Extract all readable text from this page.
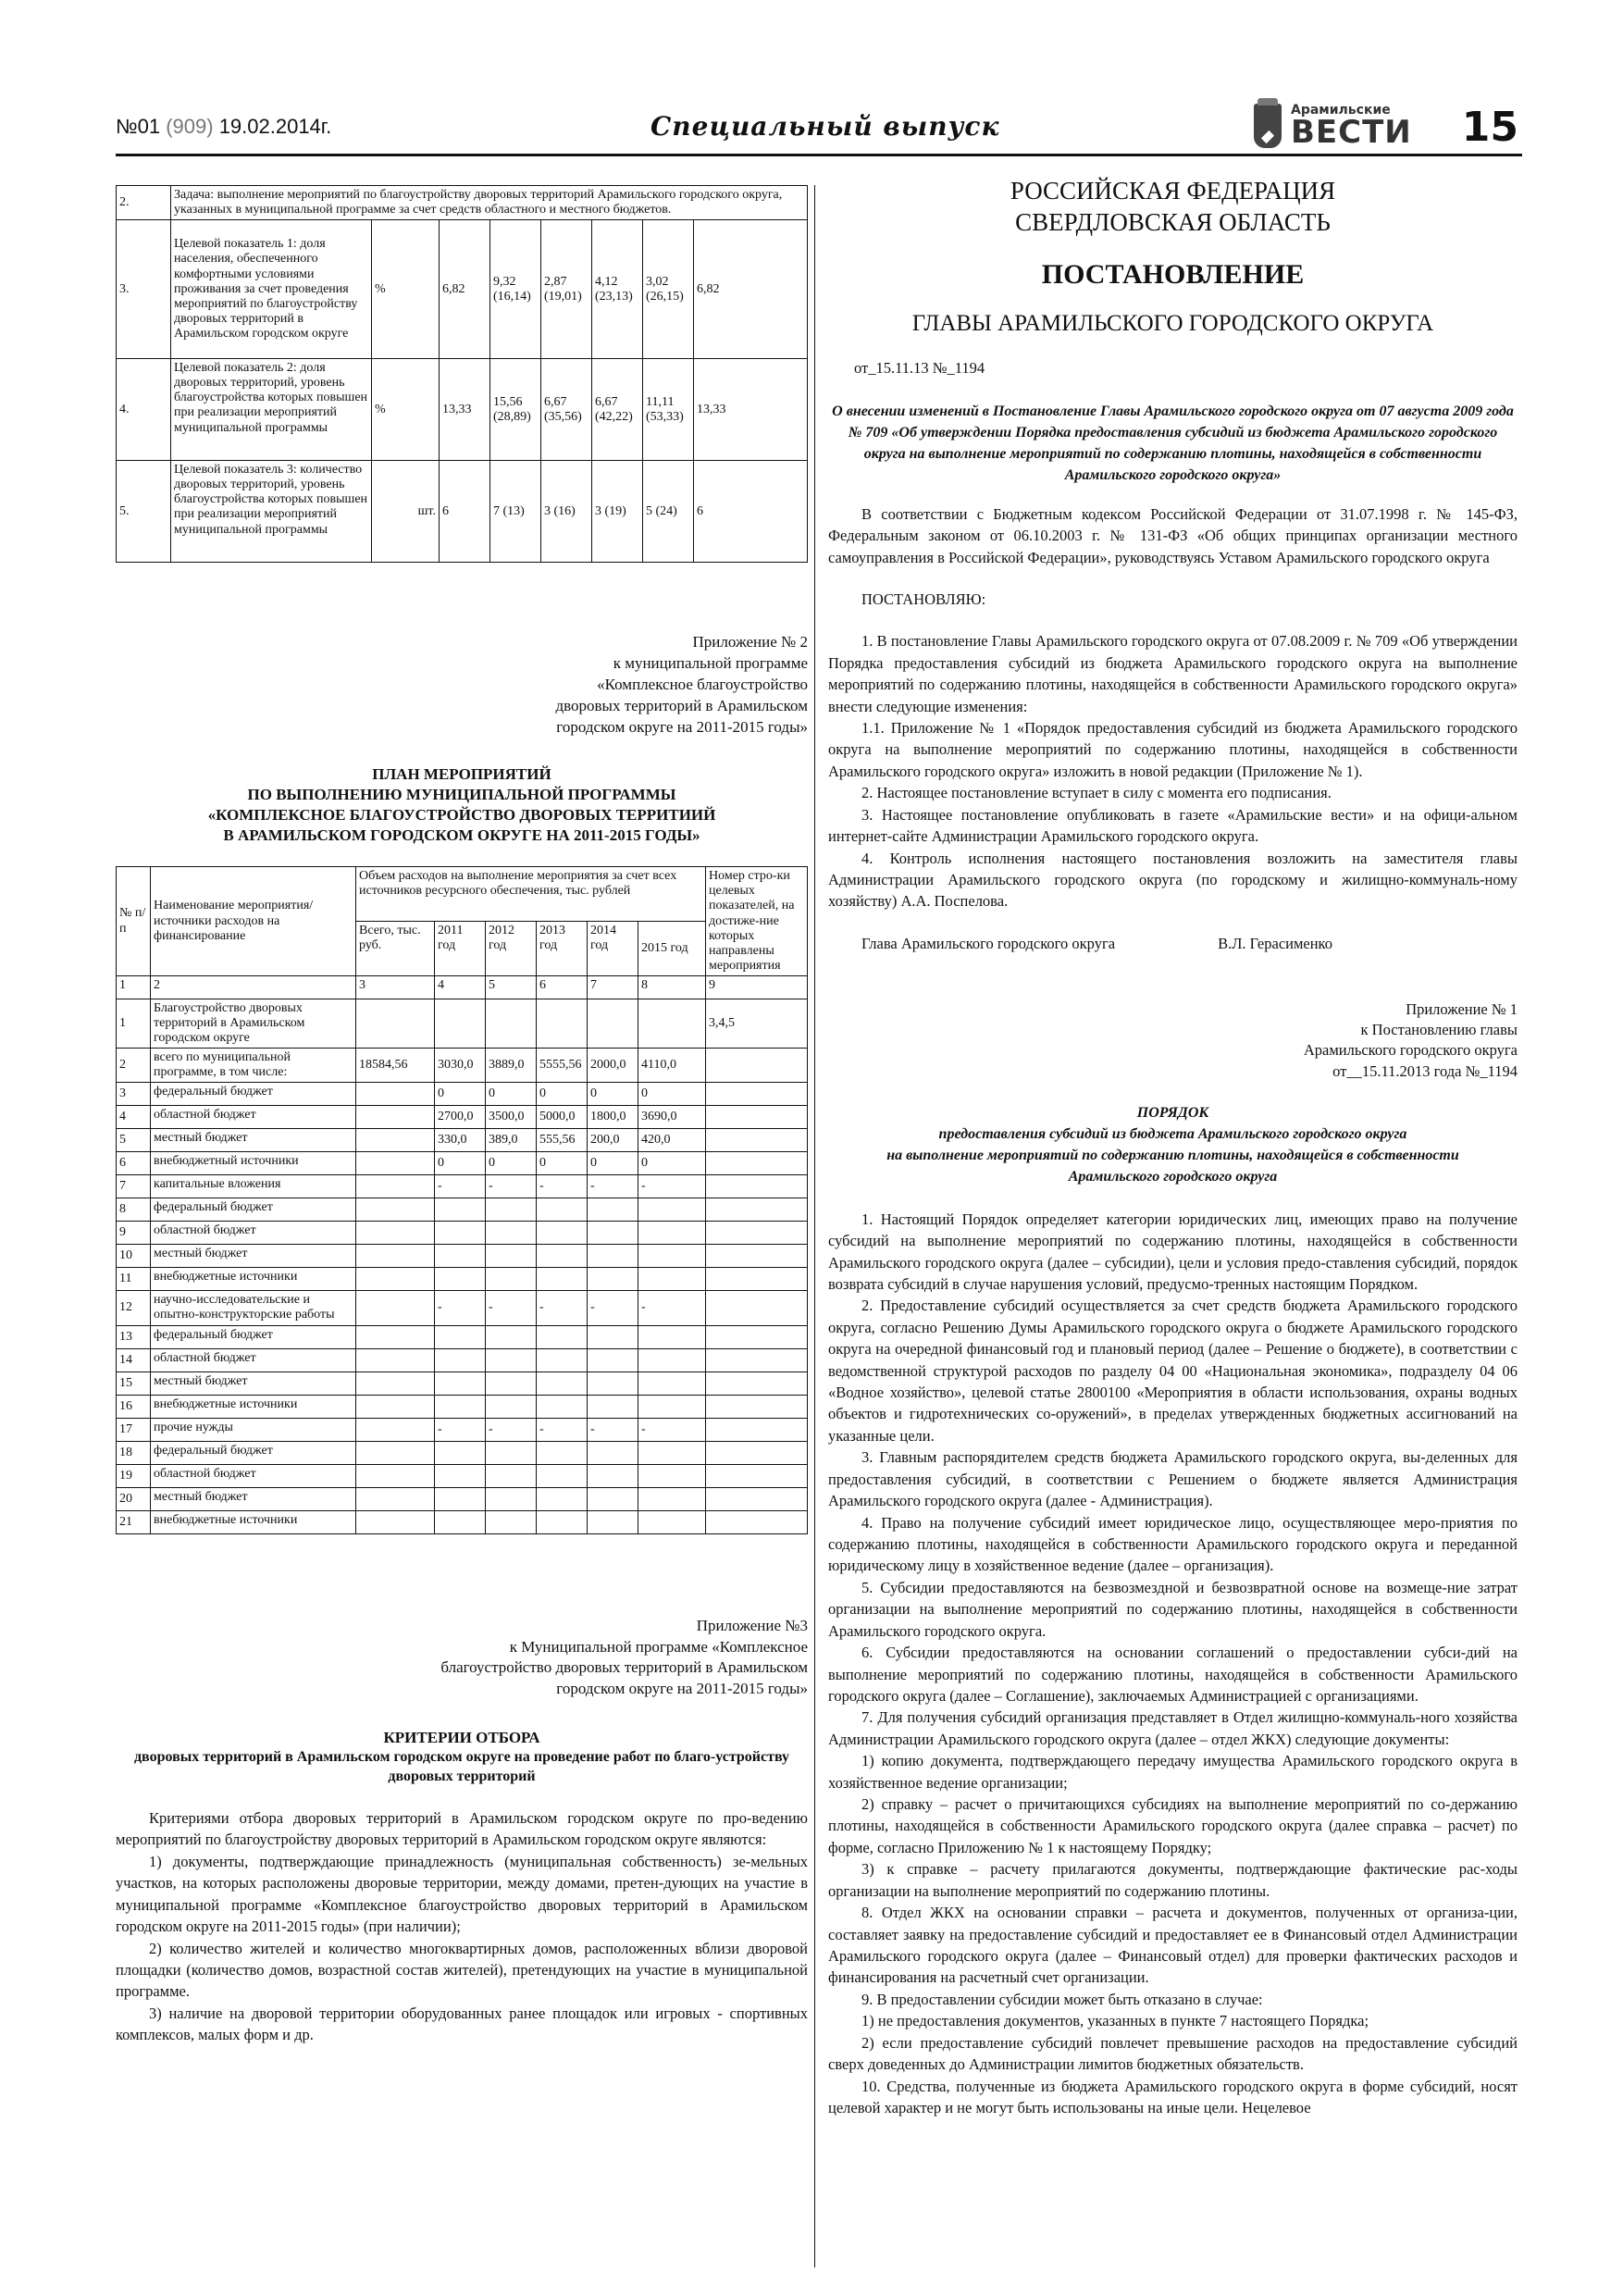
№01 (909) 19.02.2014г.	Специальный выпуск
Арамильские
ВЕСТИ 15
2.	Задача: выполнение мероприятий по благоустройству дворовых территорий Арамильского городского округа, указанных в муниципальной программе за счет средств областного и местного бюджетов.							
3.	Целевой показатель 1: доля населения, обеспеченного комфортными условиями проживания за счет проведения мероприятий по благоустройству дворовых территорий в Арамильском городском округе	%	6,82	9,32 (16,14)	2,87 (19,01)	4,12 (23,13)	3,02 (26,15)	6,82
4.	Целевой показатель 2: доля дворовых территорий, уровень благоустройства которых повышен при реализации мероприятий муниципальной программы	%	13,33	15,56 (28,89)	6,67 (35,56)	6,67 (42,22)	11,11 (53,33)	13,33
5.	Целевой показатель 3: количество дворовых территорий, уровень благоустройства которых повышен при реализации мероприятий муниципальной программы	шт.	6	7 (13)	3 (16)	3 (19)	5 (24)	6
Приложение № 2
к муниципальной программе
«Комплексное благоустройство
дворовых территорий в Арамильском
городском округе на 2011-2015 годы»
ПЛАН МЕРОПРИЯТИЙ
ПО ВЫПОЛНЕНИЮ МУНИЦИПАЛЬНОЙ ПРОГРАММЫ
«КОМПЛЕКСНОЕ БЛАГОУСТРОЙСТВО ДВОРОВЫХ ТЕРРИТИИЙ
В АРАМИЛЬСКОМ ГОРОДСКОМ ОКРУГЕ НА 2011-2015 ГОДЫ»
№ п/п	Наименование мероприятия/ источники расходов на финансирование	Объем расходов на выполнение мероприятия за счет всех источников ресурсного обеспечения, тыс. рублей						Номер стро-ки целевых показателей, на достиже-ние которых направлены мероприятия
		Всего, тыс. руб.	2011 год	2012 год	2013 год	2014 год	2015 год	
1	2	3	4	5	6	7	8	9
1	Благоустройство дворовых территорий в Арамильском городском округе							3,4,5
2	всего по муниципальной программе, в том числе:	18584,56	3030,0	3889,0	5555,56	2000,0	4110,0	
3	федеральный бюджет		0	0	0	0	0	
4	областной бюджет		2700,0	3500,0	5000,0	1800,0	3690,0	
5	местный бюджет		330,0	389,0	555,56	200,0	420,0	
6	внебюджетный источники		0	0	0	0	0	
7	капитальные вложения		-	-	-	-	-	
8	федеральный бюджет							
9	областной бюджет							
10	местный бюджет							
11	внебюджетные источники							
12	научно-исследовательские и опытно-конструкторские работы		-	-	-	-	-	
13	федеральный бюджет							
14	областной бюджет							
15	местный бюджет							
16	внебюджетные источники							
17	прочие нужды		-	-	-	-	-	
18	федеральный бюджет							
19	областной бюджет							
20	местный бюджет							
21	внебюджетные источники							
Приложение №3
к Муниципальной программе «Комплексное
благоустройство дворовых территорий в Арамильском
городском округе на 2011-2015 годы»
КРИТЕРИИ ОТБОРА
дворовых территорий в Арамильском городском округе на проведение работ по благо-устройству дворовых территорий
Критериями отбора дворовых территорий в Арамильском городском округе по про-ведению мероприятий по благоустройству дворовых территорий в Арамильском городском округе являются:
1) документы, подтверждающие принадлежность (муниципальная собственность) зе-мельных участков, на которых расположены дворовые территории, между домами, претен-дующих на участие в муниципальной программе «Комплексное благоустройство дворовых территорий в Арамильском городском округе на 2011-2015 годы» (при наличии);
2) количество жителей и количество многоквартирных домов, расположенных вблизи дворовой площадки (количество домов, возрастной состав жителей), претендующих на участие в муниципальной программе.
3) наличие на дворовой территории оборудованных ранее площадок или игровых - спортивных комплексов, малых форм и др.
РОССИЙСКАЯ ФЕДЕРАЦИЯ
СВЕРДЛОВСКАЯ ОБЛАСТЬ
ПОСТАНОВЛЕНИЕ
ГЛАВЫ АРАМИЛЬСКОГО ГОРОДСКОГО ОКРУГА
от_15.11.13 №_1194
О внесении изменений в Постановление Главы Арамильского городского округа от 07 августа 2009 года № 709 «Об утверждении Порядка предоставления субсидий из бюджета Арамильского городского округа на выполнение мероприятий по содержанию плотины, находящейся в собственности Арамильского городского округа»
В соответствии с Бюджетным кодексом Российской Федерации от 31.07.1998 г. № 145-ФЗ, Федеральным законом от 06.10.2003 г. № 131-ФЗ «Об общих принципах организации местного самоуправления в Российской Федерации», руководствуясь Уставом Арамильского городского округа
ПОСТАНОВЛЯЮ:
1. В постановление Главы Арамильского городского округа от 07.08.2009 г. № 709 «Об утверждении Порядка предоставления субсидий из бюджета Арамильского городского округа на выполнение мероприятий по содержанию плотины, находящейся в собственности Арамильского городского округа» внести следующие изменения:
1.1. Приложение № 1 «Порядок предоставления субсидий из бюджета Арамильского городского округа на выполнение мероприятий по содержанию плотины, находящейся в собственности Арамильского городского округа» изложить в новой редакции (Приложение № 1).
2. Настоящее постановление вступает в силу с момента его подписания.
3. Настоящее постановление опубликовать в газете «Арамильские вести» и на офици-альном интернет-сайте Администрации Арамильского городского округа.
4. Контроль исполнения настоящего постановления возложить на заместителя главы Администрации Арамильского городского округа (по городскому и жилищно-коммуналь-ному хозяйству) А.А. Поспелова.
Глава Арамильского городского округа	В.Л. Герасименко
Приложение № 1
к Постановлению главы
Арамильского городского округа
от__15.11.2013 года №_1194
ПОРЯДОК
предоставления субсидий из бюджета Арамильского городского округа
на выполнение мероприятий по содержанию плотины, находящейся в собственности
Арамильского городского округа
1. Настоящий Порядок определяет категории юридических лиц, имеющих право на получение субсидий на выполнение мероприятий по содержанию плотины, находящейся в собственности Арамильского городского округа (далее – субсидии), цели и условия предо-ставления субсидий, порядок возврата субсидий в случае нарушения условий, предусмо-тренных настоящим Порядком.
2. Предоставление субсидий осуществляется за счет средств бюджета Арамильского городского округа, согласно Решению Думы Арамильского городского округа о бюджете Арамильского городского округа на очередной финансовый год и плановый период (далее – Решение о бюджете), в соответствии с ведомственной структурой расходов по разделу 04 00 «Национальная экономика», подразделу 04 06 «Водное хозяйство», целевой статье 2800100 «Мероприятия в области использования, охраны водных объектов и гидротехнических со-оружений», в пределах утвержденных бюджетных ассигнований на указанные цели.
3. Главным распорядителем средств бюджета Арамильского городского округа, вы-деленных для предоставления субсидий, в соответствии с Решением о бюджете является Администрация Арамильского городского округа (далее - Администрация).
4. Право на получение субсидий имеет юридическое лицо, осуществляющее меро-приятия по содержанию плотины, находящейся в собственности Арамильского городского округа и переданной юридическому лицу в хозяйственное ведение (далее – организация).
5. Субсидии предоставляются на безвозмездной и безвозвратной основе на возмеще-ние затрат организации на выполнение мероприятий по содержанию плотины, находящейся в собственности Арамильского городского округа.
6. Субсидии предоставляются на основании соглашений о предоставлении субси-дий на выполнение мероприятий по содержанию плотины, находящейся в собственности Арамильского городского округа (далее – Соглашение), заключаемых Администрацией с организациями.
7. Для получения субсидий организация представляет в Отдел жилищно-коммуналь-ного хозяйства Администрации Арамильского городского округа (далее – отдел ЖКХ) следующие документы:
1) копию документа, подтверждающего передачу имущества Арамильского городского округа в хозяйственное ведение организации;
2) справку – расчет о причитающихся субсидиях на выполнение мероприятий по со-держанию плотины, находящейся в собственности Арамильского городского округа (далее справка – расчет) по форме, согласно Приложению № 1 к настоящему Порядку;
3) к справке – расчету прилагаются документы, подтверждающие фактические рас-ходы организации на выполнение мероприятий по содержанию плотины.
8. Отдел ЖКХ на основании справки – расчета и документов, полученных от организа-ции, составляет заявку на предоставление субсидий и предоставляет ее в Финансовый отдел Администрации Арамильского городского округа (далее – Финансовый отдел) для проверки фактических расходов и финансирования на расчетный счет организации.
9. В предоставлении субсидии может быть отказано в случае:
1) не предоставления документов, указанных в пункте 7 настоящего Порядка;
2) если предоставление субсидий повлечет превышение расходов на предоставление субсидий сверх доведенных до Администрации лимитов бюджетных обязательств.
10. Средства, полученные из бюджета Арамильского городского округа в форме субсидий, носят целевой характер и не могут быть использованы на иные цели. Нецелевое
